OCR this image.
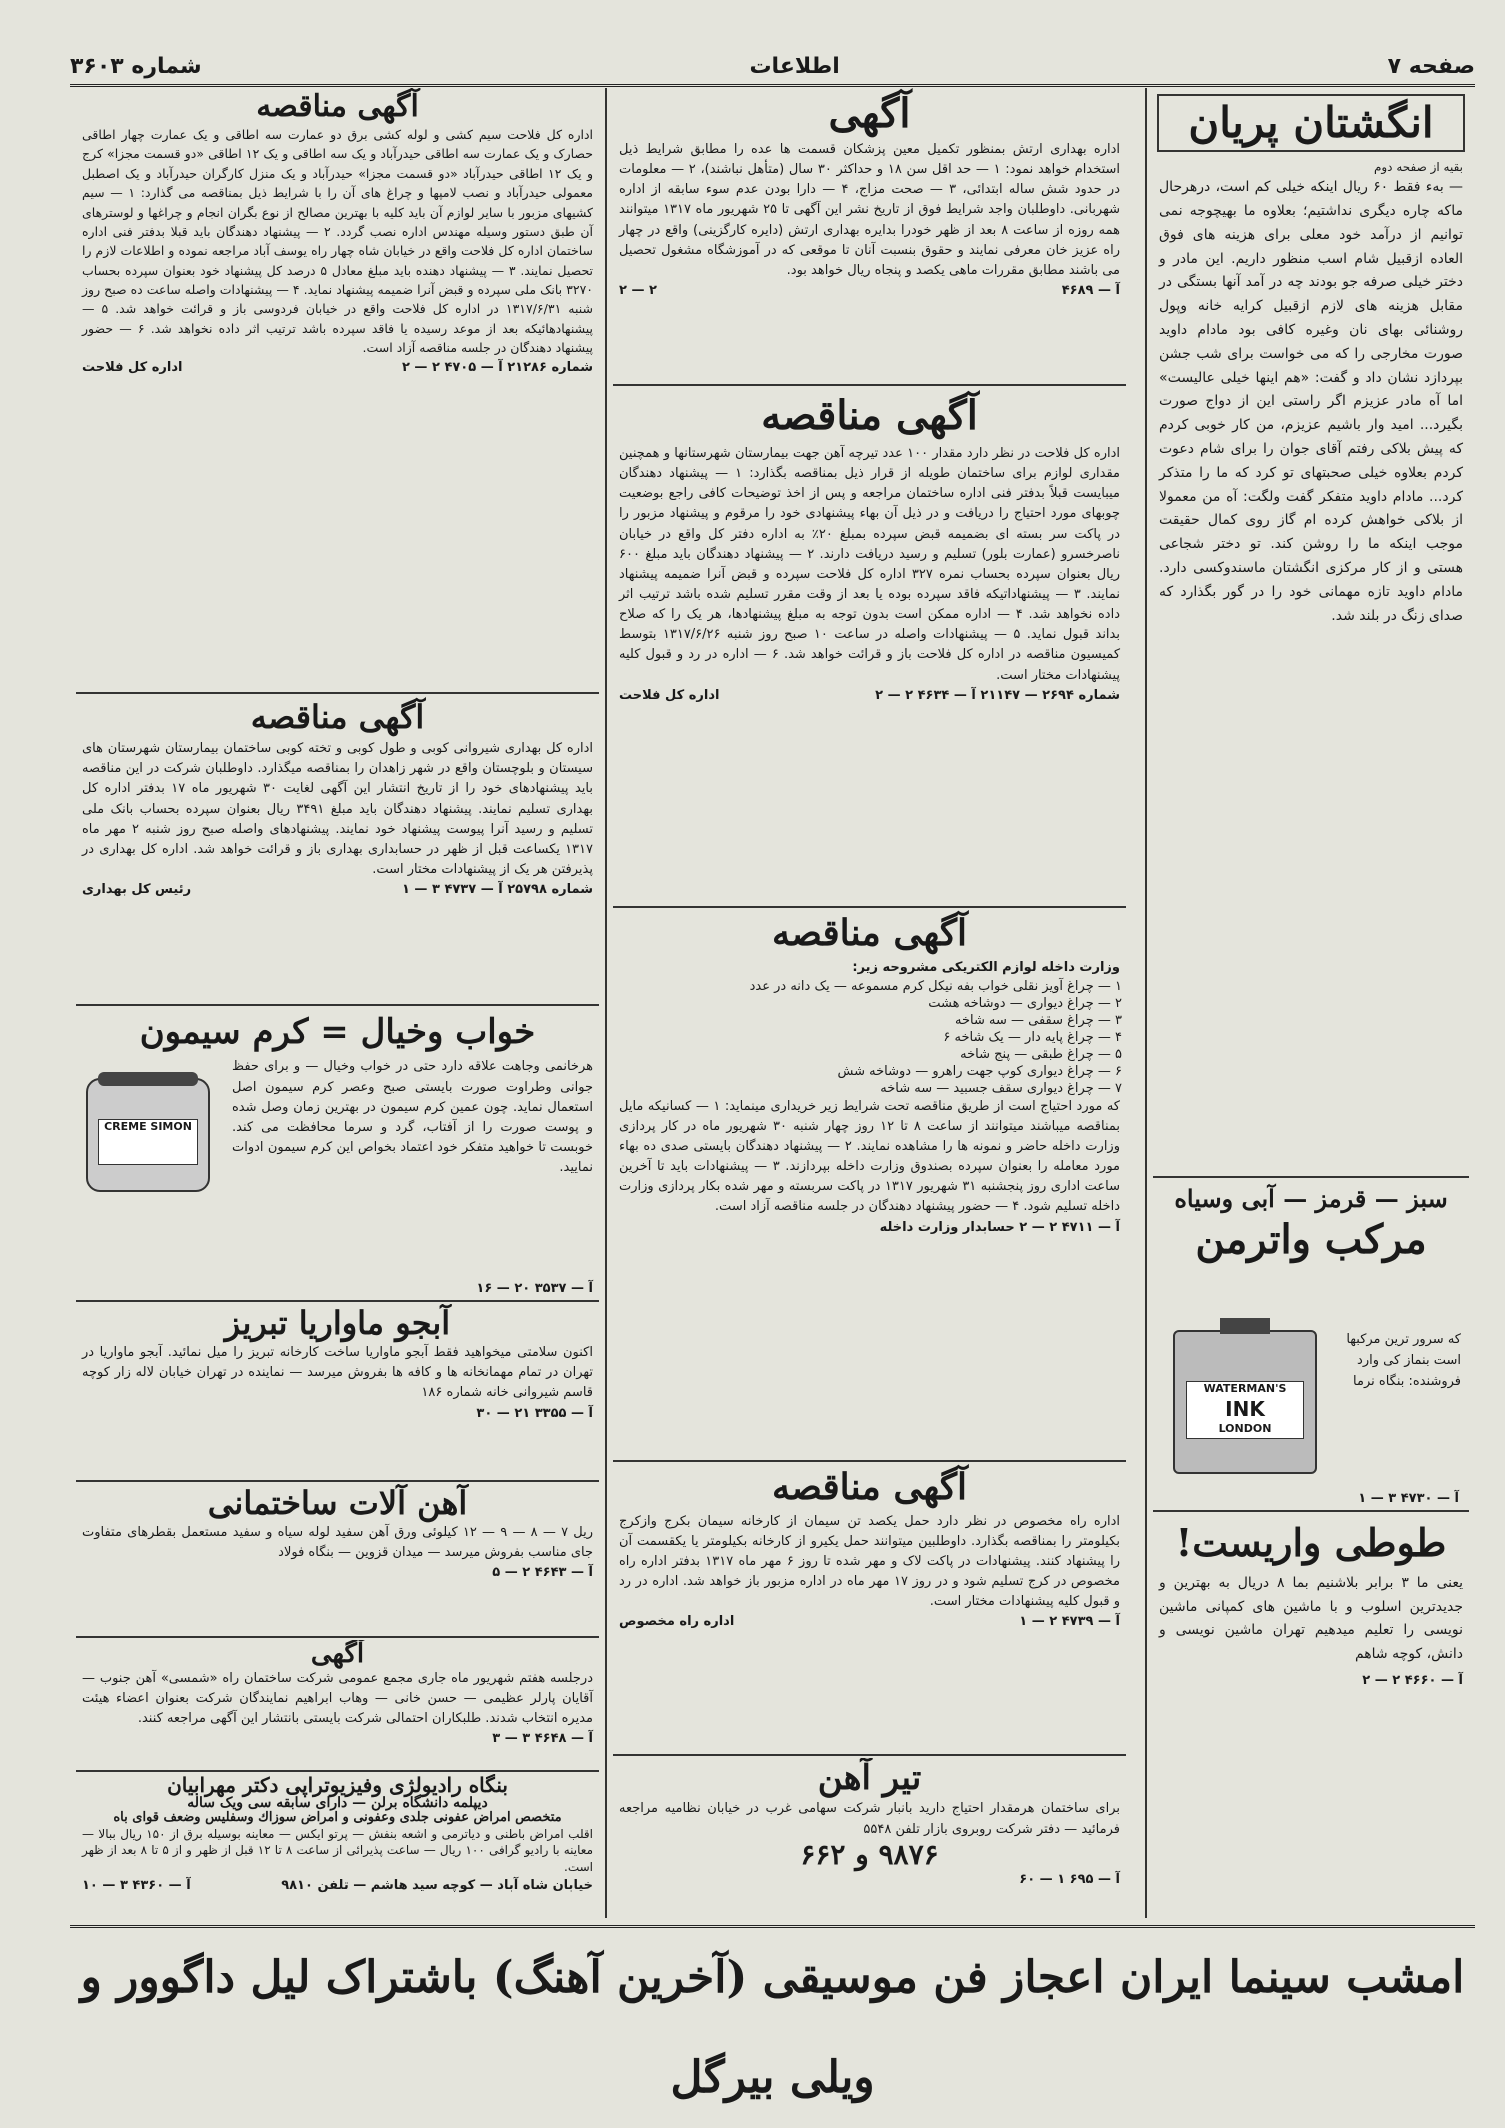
شماره ۳۶۰۳	اطلاعات	صفحه ۷
انگشتان پریان
بقیه از صفحه دوم
— بهء فقط ۶۰ ریال اینکه خیلی کم است، درهرحال ماکه چاره دیگری نداشتیم؛ بعلاوه ما بهیچوجه نمی توانیم از درآمد خود معلی برای هزینه های فوق العاده ازقبیل شام اسب منظور داریم. این مادر و دختر خیلی صرفه جو بودند چه در آمد آنها بستگی در مقابل هزینه های لازم ازقبیل کرایه خانه وپول روشنائی بهای نان وغیره کافی بود مادام داوید صورت مخارجی را که می خواست برای شب جشن بپردازد نشان داد و گفت: «هم اینها خیلی عالیست» اما آه مادر عزیزم اگر راستی این از دواج صورت بگیرد... امید وار باشیم عزیزم، من کار خوبی کردم که پیش بلاکی رفتم آقای جوان را برای شام دعوت کردم بعلاوه خیلی صحبتهای تو کرد که ما را متذکر کرد... مادام داوید متفکر گفت ولگت: آه من معمولا از بلاکی خواهش کرده ام گاز روی کمال حقیقت موجب اینکه ما را روشن کند. تو دختر شجاعی هستی و از کار مرکزی انگشتان ماسندوکسی دارد. مادام داوید تازه مهمانی خود را در گور بگذارد که صدای زنگ در بلند شد.
سبز — قرمز — آبی وسیاه
مرکب واترمن
که سرور ترین مرکبها است بنماز کی وارد فروشنده: بنگاه نرما
WATERMAN'S
INK
LONDON
آ — ۴۷۳۰ ۳ — ۱
طوطی واریست!
یعنی ما ۳ برابر بلاشنیم بما ۸ دریال به بهترین و جدیدترین اسلوب و با ماشین های کمپانی ماشین نویسی را تعلیم میدهیم تهران ماشین نویسی و دانش، کوچه شاهم
آ — ۴۶۶۰ ۲ — ۲
آگهی
اداره بهداری ارتش بمنظور تکمیل معین پزشکان قسمت ها عده را مطابق شرایط ذیل استخدام خواهد نمود: ۱ — حد اقل سن ۱۸ و حداکثر ۳۰ سال (متأهل نباشند)، ۲ — معلومات در حدود شش ساله ابتدائی، ۳ — صحت مزاج، ۴ — دارا بودن عدم سوء سابقه از اداره شهربانی. داوطلبان واجد شرایط فوق از تاریخ نشر این آگهی تا ۲۵ شهریور ماه ۱۳۱۷ میتوانند همه روزه از ساعت ۸ بعد از ظهر خودرا بدایره بهداری ارتش (دایره کارگزینی) واقع در چهار راه عزیز خان معرفی نمایند و حقوق بنسبت آنان تا موقعی که در آموزشگاه مشغول تحصیل می باشند مطابق مقررات ماهی یکصد و پنجاه ریال خواهد بود.
آ — ۴۶۸۹
۲ — ۲
آگهی مناقصه
اداره کل فلاحت در نظر دارد مقدار ۱۰۰ عدد تیرچه آهن جهت بیمارستان شهرستانها و همچنین مقداری لوازم برای ساختمان طویله از قرار ذیل بمناقصه بگذارد: ۱ — پیشنهاد دهندگان میبایست قبلاً بدفتر فنی اداره ساختمان مراجعه و پس از اخذ توضیحات کافی راجع بوضعیت چوبهای مورد احتیاج را دریافت و در ذیل آن بهاء پیشنهادی خود را مرقوم و پیشنهاد مزبور را در پاکت سر بسته ای بضمیمه قبض سپرده بمبلغ ۲۰٪ به اداره دفتر کل واقع در خیابان ناصرخسرو (عمارت بلور) تسلیم و رسید دریافت دارند. ۲ — پیشنهاد دهندگان باید مبلغ ۶۰۰ ریال بعنوان سپرده بحساب نمره ۳۲۷ اداره کل فلاحت سپرده و قبض آنرا ضمیمه پیشنهاد نمایند. ۳ — پیشنهاداتیکه فاقد سپرده بوده یا بعد از وقت مقرر تسلیم شده باشد ترتیب اثر داده نخواهد شد. ۴ — اداره ممکن است بدون توجه به مبلغ پیشنهادها، هر یک را که صلاح بداند قبول نماید. ۵ — پیشنهادات واصله در ساعت ۱۰ صبح روز شنبه ۱۳۱۷/۶/۲۶ بتوسط کمیسیون مناقصه در اداره کل فلاحت باز و قرائت خواهد شد. ۶ — اداره در رد و قبول کلیه پیشنهادات مختار است.
شماره ۲۶۹۴ — ۲۱۱۴۷ آ — ۴۶۳۴ ۲ — ۲
اداره کل فلاحت
آگهی مناقصه
وزارت داخله لوازم الکتریکی مشروحه زیر:
۱ — چراغ آویز نقلی خواب بفه نیکل کرم مسموعه — یک دانه در عدد
۲ — چراغ دیواری — دوشاخه هشت
۳ — چراغ سقفی — سه شاخه
۴ — چراغ پایه دار — یک شاخه ۶
۵ — چراغ طبقی — پنج شاخه
۶ — چراغ دیواری کوپ جهت راهرو — دوشاخه شش
۷ — چراغ دیواری سقف جسبید — سه شاخه
که مورد احتیاج است از طریق مناقصه تحت شرایط زیر خریداری مینماید: ۱ — کسانیکه مایل بمناقصه میباشند میتوانند از ساعت ۸ تا ۱۲ روز چهار شنبه ۳۰ شهریور ماه در کار پردازی وزارت داخله حاضر و نمونه ها را مشاهده نمایند. ۲ — پیشنهاد دهندگان بایستی صدی ده بهاء مورد معامله را بعنوان سپرده بصندوق وزارت داخله بپردازند. ۳ — پیشنهادات باید تا آخرین ساعت اداری روز پنجشنبه ۳۱ شهریور ۱۳۱۷ در پاکت سربسته و مهر شده بکار پردازی وزارت داخله تسلیم شود. ۴ — حضور پیشنهاد دهندگان در جلسه مناقصه آزاد است.
آ — ۴۷۱۱ ۲ — ۲ حسابدار وزارت داخله
آگهی مناقصه
اداره راه مخصوص در نظر دارد حمل یکصد تن سیمان از کارخانه سیمان بکرج وازکرج بکیلومتر را بمناقصه بگذارد. داوطلبین میتوانند حمل یکیرو از کارخانه بکیلومتر یا یکقسمت آن را پیشنهاد کنند. پیشنهادات در پاکت لاک و مهر شده تا روز ۶ مهر ماه ۱۳۱۷ بدفتر اداره راه مخصوص در کرج تسلیم شود و در روز ۱۷ مهر ماه در اداره مزبور باز خواهد شد. اداره در رد و قبول کلیه پیشنهادات مختار است.
آ — ۴۷۳۹ ۲ — ۱
اداره راه مخصوص
تیر آهن
برای ساختمان هرمقدار احتیاج دارید بانبار شرکت سهامی غرب در خیابان نظامیه مراجعه فرمائید — دفتر شرکت روبروی بازار تلفن ۵۵۴۸
۹۸۷۶ و ۶۶۲
آ — ۶۹۵ ۱ — ۶۰
آگهی مناقصه
اداره کل فلاحت سیم کشی و لوله کشی برق دو عمارت سه اطاقی و یک عمارت چهار اطاقی حصارک و یک عمارت سه اطاقی حیدرآباد و یک سه اطاقی و یک ۱۲ اطاقی «دو قسمت مجزا» کرج و یک ۱۲ اطاقی حیدرآباد «دو قسمت مجزا» حیدرآباد و یک منزل کارگران حیدرآباد و یک اصطبل معمولی حیدرآباد و نصب لامپها و چراغ های آن را با شرایط ذیل بمناقصه می گذارد: ۱ — سیم کشیهای مزبور با سایر لوازم آن باید کلیه با بهترین مصالح از نوع بگران انجام و چراغها و لوسترهای آن طبق دستور وسیله مهندس اداره نصب گردد. ۲ — پیشنهاد دهندگان باید قبلا بدفتر فنی اداره ساختمان اداره کل فلاحت واقع در خیابان شاه چهار راه یوسف آباد مراجعه نموده و اطلاعات لازم را تحصیل نمایند. ۳ — پیشنهاد دهنده باید مبلغ معادل ۵ درصد کل پیشنهاد خود بعنوان سپرده بحساب ۳۲۷۰ بانک ملی سپرده و قبض آنرا ضمیمه پیشنهاد نماید. ۴ — پیشنهادات واصله ساعت ده صبح روز شنبه ۱۳۱۷/۶/۳۱ در اداره کل فلاحت واقع در خیابان فردوسی باز و قرائت خواهد شد. ۵ — پیشنهادهائیکه بعد از موعد رسیده یا فاقد سپرده باشد ترتیب اثر داده نخواهد شد. ۶ — حضور پیشنهاد دهندگان در جلسه مناقصه آزاد است.
شماره ۲۱۲۸۶ آ — ۴۷۰۵ ۲ — ۲
اداره کل فلاحت
آگهی مناقصه
اداره کل بهداری شیروانی کوبی و طول کوبی و تخته کوبی ساختمان بیمارستان شهرستان های سیستان و بلوچستان واقع در شهر زاهدان را بمناقصه میگذارد. داوطلبان شرکت در این مناقصه باید پیشنهادهای خود را از تاریخ انتشار این آگهی لغایت ۳۰ شهریور ماه ۱۷ بدفتر اداره کل بهداری تسلیم نمایند. پیشنهاد دهندگان باید مبلغ ۳۴۹۱ ریال بعنوان سپرده بحساب بانک ملی تسلیم و رسید آنرا پیوست پیشنهاد خود نمایند. پیشنهادهای واصله صبح روز شنبه ۲ مهر ماه ۱۳۱۷ یکساعت قبل از ظهر در حسابداری بهداری باز و قرائت خواهد شد. اداره کل بهداری در پذیرفتن هر یک از پیشنهادات مختار است.
شماره ۲۵۷۹۸ آ — ۴۷۳۷ ۳ — ۱
رئیس کل بهداری
خواب وخیال = کرم سیمون
هرخانمی وجاهت علاقه دارد حتی در خواب وخیال — و برای حفظ جوانی وطراوت صورت بایستی صبح وعصر کرم سیمون اصل استعمال نماید. چون عمین کرم سیمون در بهترین زمان وصل شده و پوست صورت را از آفتاب، گرد و سرما محافظت می کند. خوبست تا خواهید متفکر خود اعتماد بخواص این کرم سیمون ادوات نمایید.
CREME SIMON
آ — ۳۵۳۷ ۲۰ — ۱۶
آبجو ماواریا تبریز
اکنون سلامتی میخواهید فقط آبجو ماواریا ساخت کارخانه تبریز را میل نمائید. آبجو ماواریا در تهران در تمام مهمانخانه ها و کافه ها بفروش میرسد — نماینده در تهران خیابان لاله زار کوچه قاسم شیروانی خانه شماره ۱۸۶
آ — ۳۳۵۵ ۲۱ — ۳۰
آهن آلات ساختمانی
ریل ۷ — ۸ — ۹ — ۱۲ کیلوئی ورق آهن سفید لوله سیاه و سفید مستعمل بقطرهای متفاوت جای مناسب بفروش میرسد — میدان قزوین — بنگاه فولاد
آ — ۴۶۴۳ ۲ — ۵
آگهی
درجلسه هفتم شهریور ماه جاری مجمع عمومی شرکت ساختمان راه «شمسی» آهن جنوب — آقایان پارلر عظیمی — حسن خانی — وهاب ابراهیم نمایندگان شرکت بعنوان اعضاء هیئت مدیره انتخاب شدند. طلبکاران احتمالی شرکت بایستی بانتشار این آگهی مراجعه کنند.
آ — ۴۶۴۸ ۳ — ۳
بنگاه رادیولژی وفیزیوتراپی دکتر مهرابیان
دیپلمه دانشگاه برلن — دارای سابقه سی ویک ساله
متخصص امراض عفونی جلدی وعفونی و امراض سوزاك وسفلیس وضعف قوای باه
اقلب امراض باطنی و دیاترمی و اشعه بنفش — پرتو ایکس — معاینه بوسیله برق از ۱۵۰ ریال ببالا — معاینه با رادیو گرافی ۱۰۰ ریال — ساعت پذیرائی از ساعت ۸ تا ۱۲ قبل از ظهر و از ۵ تا ۸ بعد از ظهر است.
خیابان شاه آباد — کوچه سید هاشم — تلفن ۹۸۱۰
آ — ۴۳۶۰ ۳ — ۱۰
امشب سینما ایران اعجاز فن موسیقی (آخرین آهنگ) باشتراک لیل داگوور و ویلی بیرگل
